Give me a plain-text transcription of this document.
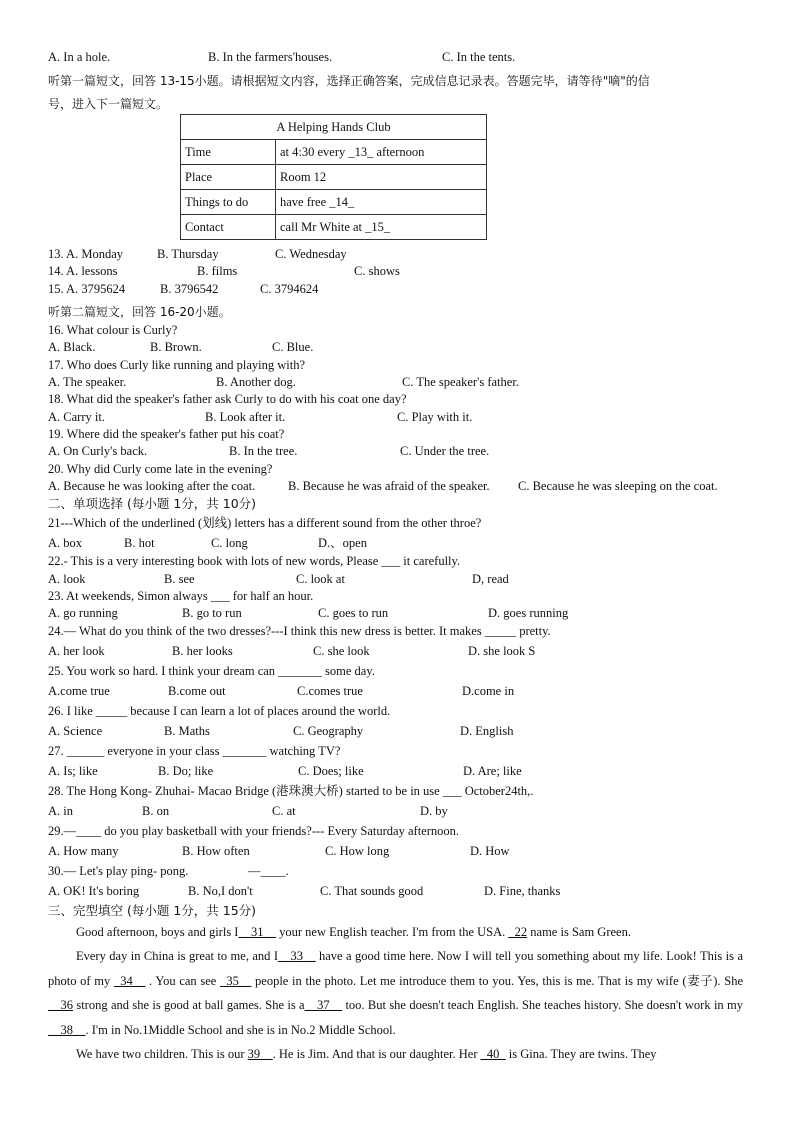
A. In a hole.	B. In the farmers'houses.	C. In the tents.
听第一篇短文，回答 13-15小题。请根据短文内容，选择正确答案，完成信息记录表。答题完毕，请等待"嘀"的信
号，进入下一篇短文。
A Helping Hands Club	
Time	at 4:30 every _13_ afternoon
Place	Room 12
Things to do	have free _14_
Contact	call Mr White at _15_
13. A. Monday	B. Thursday	C. Wednesday
14. A. lessons	B. films	C. shows
15. A. 3795624	B. 3796542	C. 3794624
听第二篇短文，回答 16-20小题。
16. What colour is Curly?
A. Black.	B. Brown.	C. Blue.
17. Who does Curly like running and playing with?
A. The speaker.	B. Another dog.	C. The speaker's father.
18. What did the speaker's father ask Curly to do with his coat one day?
A. Carry it.	B. Look after it.	C. Play with it.
19. Where did the speaker's father put his coat?
A. On Curly's back.	B. In the tree.	C. Under the tree.
20. Why did Curly come late in the evening?
A. Because he was looking after the coat.	B. Because he was afraid of the speaker. C. Because he was sleeping on the coat.
二、单项选择 (每小题 1分，共 10分)
21---Which of the underlined (划线) letters has a different sound from the other throe?
A. box	B. hot	C. long	D.、open
22.- This is a very interesting book with lots of new words, Please ___ it carefully.
A. look	B. see	C. look at	D, read
23. At weekends, Simon always ___ for half an hour.
A. go running	B. go to run	C. goes to run	D. goes running
24.— What do you think of the two dresses?---I think this new dress is better. It makes _____ pretty.
A. her look	B. her looks	C. she look	D. she look S
25. You work so hard. I think your dream can _______ some day.
A.come true	B.come out	C.comes true	D.come in
26. I like _____ because I can learn a lot of places around the world.
A. Science	B. Maths	C. Geography	D. English
27. ______ everyone in your class _______ watching TV?
A. Is; like	B. Do; like	C. Does; like	D. Are; like
28. The Hong Kong- Zhuhai- Macao Bridge (港珠澳大桥) started to be in use ___ October24th,.
A. in	B. on	C. at	D. by
29.—____ do you play basketball with your friends?--- Every Saturday afternoon.
A. How many	B. How often	C. How long	D. How
30.— Let's play ping- pong.	—____.
A. OK! It's boring	B. No,I don't	C. That sounds good	D. Fine, thanks
三、完型填空 (每小题 1分，共 15分)

Good afternoon, boys and girls I__31__ your new English teacher. I'm from the USA. _22 name is Sam Green.

Every day in China is great to me, and I__33__ have a good time here. Now I will tell you something about my life. Look! This is a photo of my _34__ . You can see _35__ people in the photo. Let me introduce them to you. Yes, this is me. That is my wife (妻子). She __36 strong and she is good at ball games. She is a__37__ too. But she doesn't teach English. She teaches history. She doesn't work in my __38__. I'm in No.1Middle School and she is in No.2 Middle School.

We have two children. This is our 39__. He is Jim. And that is our daughter. Her _40_ is Gina. They are twins. They
